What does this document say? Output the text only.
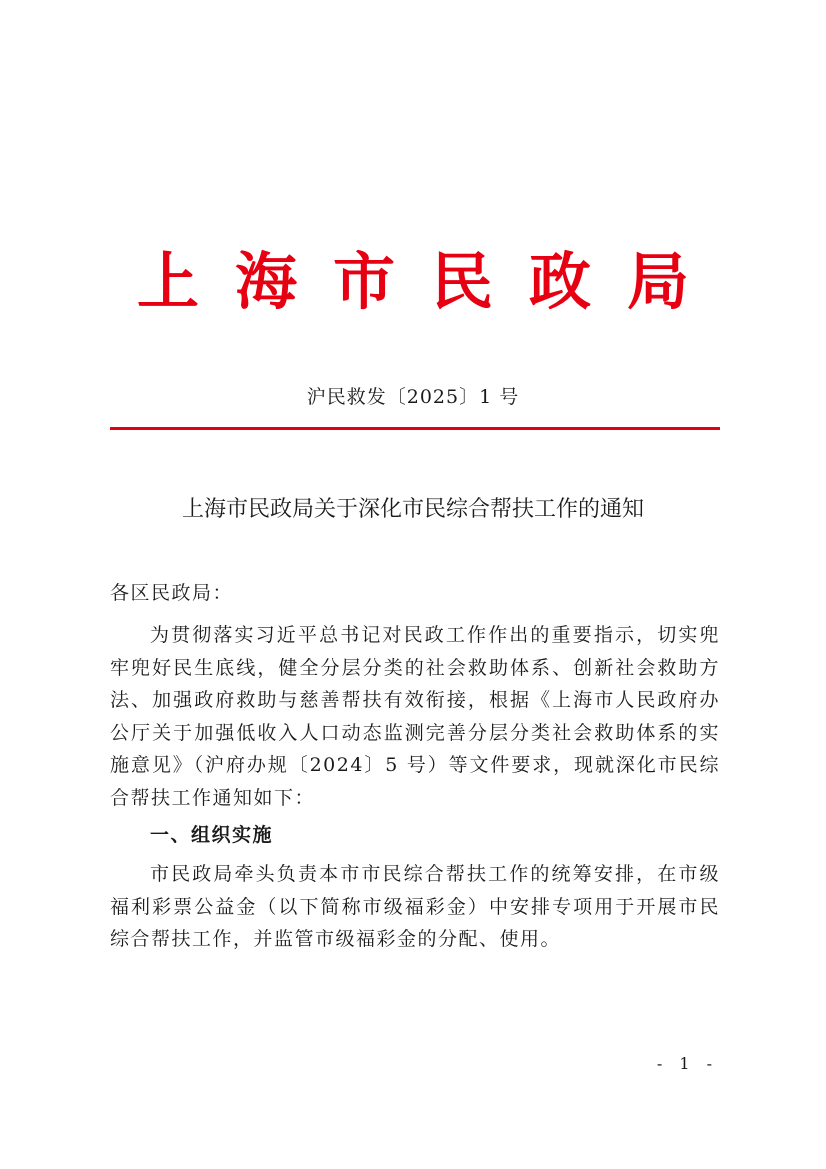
上海市民政局
沪民救发〔2025〕1 号
上海市民政局关于深化市民综合帮扶工作的通知

各区民政局：

为贯彻落实习近平总书记对民政工作作出的重要指示，切实兜牢兜好民生底线，健全分层分类的社会救助体系、创新社会救助方法、加强政府救助与慈善帮扶有效衔接，根据《上海市人民政府办公厅关于加强低收入人口动态监测完善分层分类社会救助体系的实施意见》（沪府办规〔2024〕5 号）等文件要求，现就深化市民综合帮扶工作通知如下：

一、组织实施

市民政局牵头负责本市市民综合帮扶工作的统筹安排，在市级福利彩票公益金（以下简称市级福彩金）中安排专项用于开展市民综合帮扶工作，并监管市级福彩金的分配、使用。

- 1 -
